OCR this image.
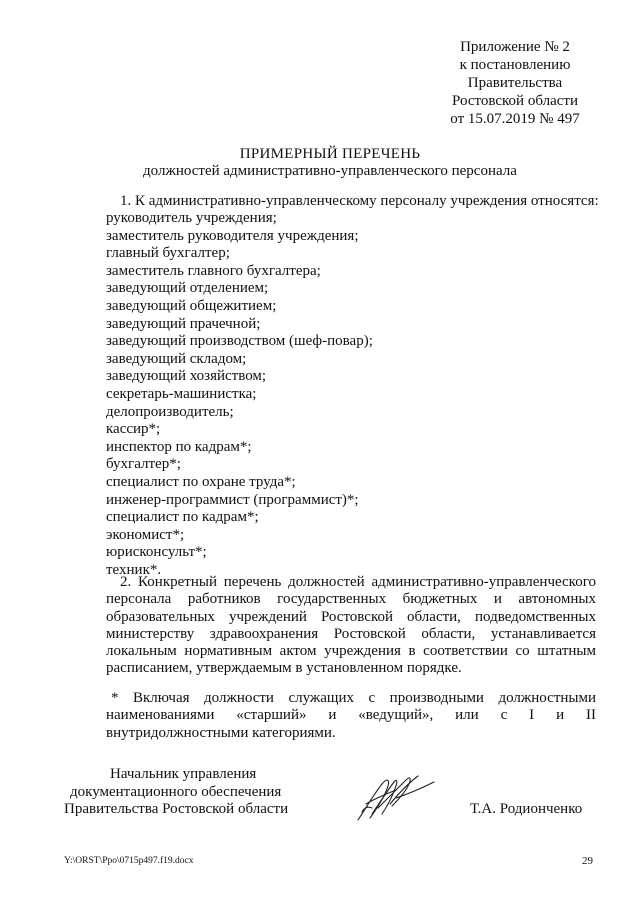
Приложение № 2
к постановлению
Правительства
Ростовской области
от 15.07.2019 № 497
ПРИМЕРНЫЙ ПЕРЕЧЕНЬ
должностей административно-управленческого персонала
1. К административно-управленческому персоналу учреждения относятся:
руководитель учреждения;
заместитель руководителя учреждения;
главный бухгалтер;
заместитель главного бухгалтера;
заведующий отделением;
заведующий общежитием;
заведующий прачечной;
заведующий производством (шеф-повар);
заведующий складом;
заведующий хозяйством;
секретарь-машинистка;
делопроизводитель;
кассир*;
инспектор по кадрам*;
бухгалтер*;
специалист по охране труда*;
инженер-программист (программист)*;
специалист по кадрам*;
экономист*;
юрисконсульт*;
техник*.
2. Конкретный перечень должностей административно-управленческого персонала работников государственных бюджетных и автономных образовательных учреждений Ростовской области, подведомственных министерству здравоохранения Ростовской области, устанавливается локальным нормативным актом учреждения в соответствии со штатным расписанием, утверждаемым в установленном порядке.
* Включая должности служащих с производными должностными наименованиями «старший» и «ведущий», или с I и II внутридолжностными категориями.
Начальник управления
документационного обеспечения
Правительства Ростовской области	Т.А. Родионченко
Y:\ORST\Ppo\0715p497.f19.docx	29
